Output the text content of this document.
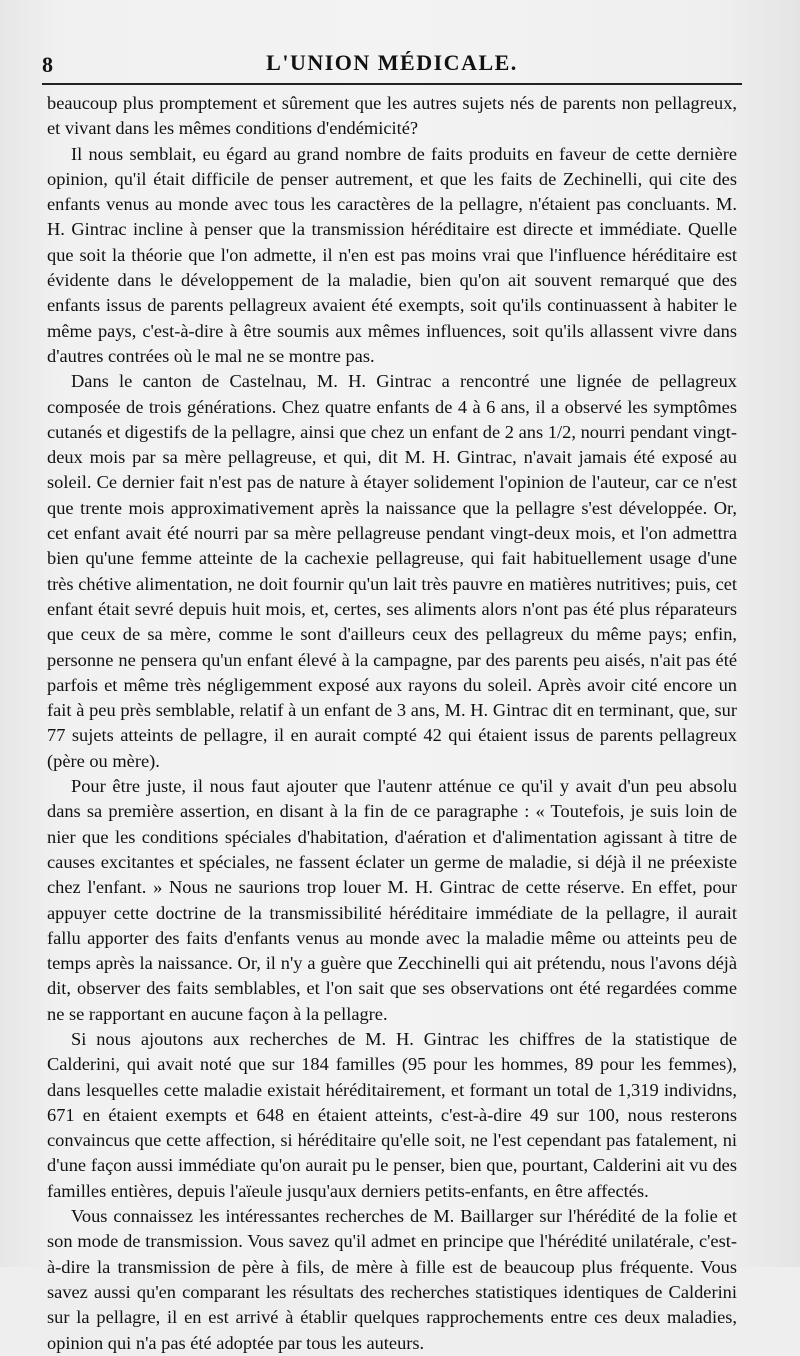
8	L'UNION MÉDICALE.

beaucoup plus promptement et sûrement que les autres sujets nés de parents non pellagreux, et vivant dans les mêmes conditions d'endémicité?

Il nous semblait, eu égard au grand nombre de faits produits en faveur de cette dernière opinion, qu'il était difficile de penser autrement, et que les faits de Zechinelli, qui cite des enfants venus au monde avec tous les caractères de la pellagre, n'étaient pas concluants. M. H. Gintrac incline à penser que la transmission héréditaire est directe et immédiate. Quelle que soit la théorie que l'on admette, il n'en est pas moins vrai que l'influence héréditaire est évidente dans le développement de la maladie, bien qu'on ait souvent remarqué que des enfants issus de parents pellagreux avaient été exempts, soit qu'ils continuassent à habiter le même pays, c'est-à-dire à être soumis aux mêmes influences, soit qu'ils allassent vivre dans d'autres contrées où le mal ne se montre pas.

Dans le canton de Castelnau, M. H. Gintrac a rencontré une lignée de pellagreux composée de trois générations. Chez quatre enfants de 4 à 6 ans, il a observé les symptômes cutanés et digestifs de la pellagre, ainsi que chez un enfant de 2 ans 1/2, nourri pendant vingt-deux mois par sa mère pellagreuse, et qui, dit M. H. Gintrac, n'avait jamais été exposé au soleil. Ce dernier fait n'est pas de nature à étayer solidement l'opinion de l'auteur, car ce n'est que trente mois approximativement après la naissance que la pellagre s'est développée. Or, cet enfant avait été nourri par sa mère pellagreuse pendant vingt-deux mois, et l'on admettra bien qu'une femme atteinte de la cachexie pellagreuse, qui fait habituellement usage d'une très chétive alimentation, ne doit fournir qu'un lait très pauvre en matières nutritives; puis, cet enfant était sevré depuis huit mois, et, certes, ses aliments alors n'ont pas été plus réparateurs que ceux de sa mère, comme le sont d'ailleurs ceux des pellagreux du même pays; enfin, personne ne pensera qu'un enfant élevé à la campagne, par des parents peu aisés, n'ait pas été parfois et même très négligemment exposé aux rayons du soleil. Après avoir cité encore un fait à peu près semblable, relatif à un enfant de 3 ans, M. H. Gintrac dit en terminant, que, sur 77 sujets atteints de pellagre, il en aurait compté 42 qui étaient issus de parents pellagreux (père ou mère).

Pour être juste, il nous faut ajouter que l'autenr atténue ce qu'il y avait d'un peu absolu dans sa première assertion, en disant à la fin de ce paragraphe : « Toutefois, je suis loin de nier que les conditions spéciales d'habitation, d'aération et d'alimentation agissant à titre de causes excitantes et spéciales, ne fassent éclater un germe de maladie, si déjà il ne préexiste chez l'enfant. » Nous ne saurions trop louer M. H. Gintrac de cette réserve. En effet, pour appuyer cette doctrine de la transmissibilité héréditaire immédiate de la pellagre, il aurait fallu apporter des faits d'enfants venus au monde avec la maladie même ou atteints peu de temps après la naissance. Or, il n'y a guère que Zecchinelli qui ait prétendu, nous l'avons déjà dit, observer des faits semblables, et l'on sait que ses observations ont été regardées comme ne se rapportant en aucune façon à la pellagre.

Si nous ajoutons aux recherches de M. H. Gintrac les chiffres de la statistique de Calderini, qui avait noté que sur 184 familles (95 pour les hommes, 89 pour les femmes), dans lesquelles cette maladie existait héréditairement, et formant un total de 1,319 individns, 671 en étaient exempts et 648 en étaient atteints, c'est-à-dire 49 sur 100, nous resterons convaincus que cette affection, si héréditaire qu'elle soit, ne l'est cependant pas fatalement, ni d'une façon aussi immédiate qu'on aurait pu le penser, bien que, pourtant, Calderini ait vu des familles entières, depuis l'aïeule jusqu'aux derniers petits-enfants, en être affectés.

Vous connaissez les intéressantes recherches de M. Baillarger sur l'hérédité de la folie et son mode de transmission. Vous savez qu'il admet en principe que l'hérédité unilatérale, c'est-à-dire la transmission de père à fils, de mère à fille est de beaucoup plus fréquente. Vous savez aussi qu'en comparant les résultats des recherches statistiques identiques de Calderini sur la pellagre, il en est arrivé à établir quelques rapprochements entre ces deux maladies, opinion qui n'a pas été adoptée par tous les auteurs.
